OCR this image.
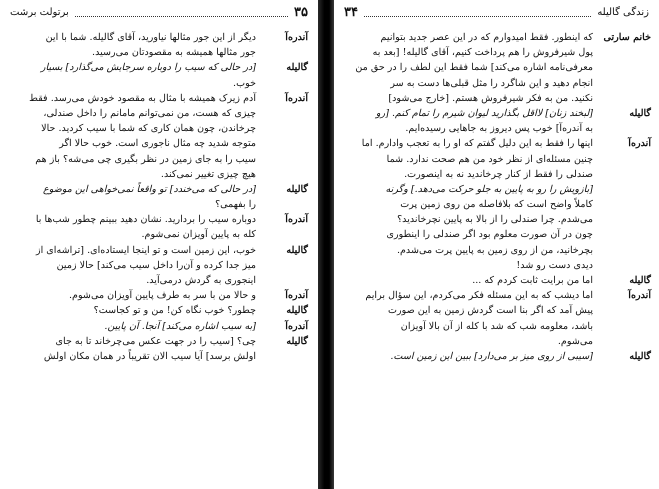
برتولت برشت	۳۵
آندره‌آ
دیگر از این جور مثالها نیاورید، آقای گالیله. شما با این
جور مثالها همیشه به مقصودتان می‌رسید.
گالیله
[در حالی که سیب را دوباره سرجایش می‌گذارد] بسیار
خوب.
آندره‌آ
آدم زیرک همیشه با مثال به مقصود خودش می‌رسد. فقط
چیزی که هست، من نمی‌توانم مامانم را داخل صندلی،
چرخاندن، چون همان کاری که شما با سیب کردید. حالا
متوجه شدید چه مثال ناجوری است. خوب حالا اگر
سیب را به جای زمین در نظر بگیری چی می‌شه؟ باز هم
هیچ چیزی تغییر نمی‌کند.
گالیله
[در حالی که می‌خندد] تو واقعاً نمی‌خواهی این موضوع
را بفهمی؟
آندره‌آ
دوباره سیب را بردارید. نشان دهید ببینم چطور شب‌ها با
کله به پایین آویزان نمی‌شوم.
گالیله
خوب، این زمین است و تو اینجا ایستاده‌ای. [تراشه‌ای از
میز جدا کرده و آن‌را داخل سیب می‌کند] حالا زمین
اینجوری به گردش درمی‌آید.
آندره‌آ
و حالا من با سر به طرف پایین آویزان می‌شوم.
گالیله
چطور؟ خوب نگاه کن! من و تو کجاست؟
آندره‌آ
[به سیب اشاره می‌کند] آنجا. آن پایین.
گالیله
چی؟ [سیب را در جهت عکس می‌چرخاند تا به جای
اولش برسد] آیا سیب الان تقریباً در همان مکان اولش
۳۴	زندگی گالیله
خانم سارتی
که اینطور. فقط امیدوارم که در این عصر جدید بتوانیم
پول شیرفروش را هم پرداخت کنیم، آقای گالیله! [بعد به
معرفی‌نامه اشاره می‌کند] شما فقط این لطف را در حق من
انجام دهید و این شاگرد را مثل قبلی‌ها دست به سر
نکنید. من به فکر شیرفروش هستم. [خارج می‌شود]
گالیله
[لبخند زنان] لااقل بگذارید لیوان شیرم را تمام کنم. [رو
به آندره‌آ] خوب پس دیروز به جاهایی رسیده‌ایم.
آندره‌آ
اینها را فقط به این دلیل گفتم که او را به تعجب وادارم. اما
چنین مسئله‌ای از نظر خود من هم صحت ندارد. شما
صندلی را فقط از کنار چرخاندید نه به اینصورت.
[بازویش را رو به پایین به جلو حرکت می‌دهد.] وگرنه
کاملاً واضح است که بلافاصله من روی زمین پرت
می‌شدم. چرا صندلی را از بالا به پایین نچرخاندید؟
چون در آن صورت معلوم بود اگر صندلی را اینطوری
بچرخانید، من از روی زمین به پایین پرت می‌شدم.
دیدی دست رو شد!
گالیله
اما من برایت ثابت کردم که ...
آندره‌آ
اما دیشب که به این مسئله فکر می‌کردم، این سؤال برایم
پیش آمد که اگر بنا است گردش زمین به این صورت
باشد، معلومه شب که شد با کله از آن بالا آویزان
می‌شوم.
گالیله
[سیبی از روی میز بر می‌دارد] ببین این زمین است.
